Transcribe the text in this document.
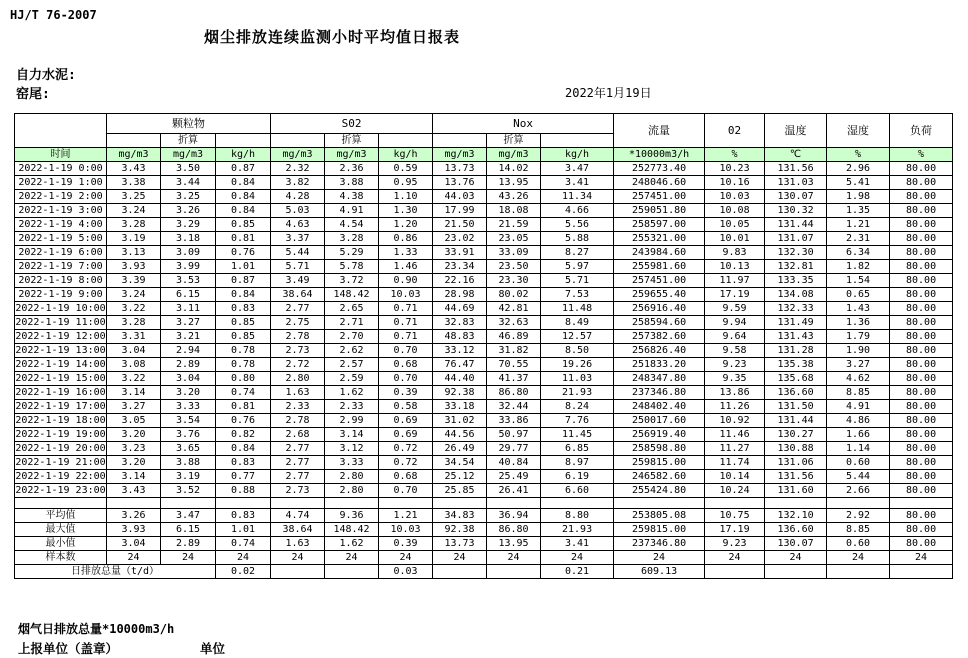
HJ/T 76-2007
烟尘排放连续监测小时平均值日报表
自力水泥:
窑尾:	2022年1月19日
	颗粒物			S02			Nox			流量	02	温度	湿度	负荷
		折算			折算			折算						
时间	mg/m3	mg/m3	kg/h	mg/m3	mg/m3	kg/h	mg/m3	mg/m3	kg/h	*10000m3/h	%	℃	%	%
2022-1-19 0:00	3.43	3.50	0.87	2.32	2.36	0.59	13.73	14.02	3.47	252773.40	10.23	131.56	2.96	80.00
2022-1-19 1:00	3.38	3.44	0.84	3.82	3.88	0.95	13.76	13.95	3.41	248046.60	10.16	131.03	5.41	80.00
2022-1-19 2:00	3.25	3.25	0.84	4.28	4.38	1.10	44.03	43.26	11.34	257451.00	10.03	130.07	1.98	80.00
2022-1-19 3:00	3.24	3.26	0.84	5.03	4.91	1.30	17.99	18.08	4.66	259051.80	10.08	130.32	1.35	80.00
2022-1-19 4:00	3.28	3.29	0.85	4.63	4.54	1.20	21.50	21.59	5.56	258597.00	10.05	131.44	1.21	80.00
2022-1-19 5:00	3.19	3.18	0.81	3.37	3.28	0.86	23.02	23.05	5.88	255321.00	10.01	131.07	2.31	80.00
2022-1-19 6:00	3.13	3.09	0.76	5.44	5.29	1.33	33.91	33.09	8.27	243984.60	9.83	132.30	6.34	80.00
2022-1-19 7:00	3.93	3.99	1.01	5.71	5.78	1.46	23.34	23.50	5.97	255981.60	10.13	132.81	1.82	80.00
2022-1-19 8:00	3.39	3.53	0.87	3.49	3.72	0.90	22.16	23.30	5.71	257451.00	11.97	133.35	1.54	80.00
2022-1-19 9:00	3.24	6.15	0.84	38.64	148.42	10.03	28.98	80.02	7.53	259655.40	17.19	134.08	0.65	80.00
2022-1-19 10:00	3.22	3.11	0.83	2.77	2.65	0.71	44.69	42.81	11.48	256916.40	9.59	132.33	1.43	80.00
2022-1-19 11:00	3.28	3.27	0.85	2.75	2.71	0.71	32.83	32.63	8.49	258594.60	9.94	131.49	1.36	80.00
2022-1-19 12:00	3.31	3.21	0.85	2.78	2.70	0.71	48.83	46.89	12.57	257382.60	9.64	131.43	1.79	80.00
2022-1-19 13:00	3.04	2.94	0.78	2.73	2.62	0.70	33.12	31.82	8.50	256826.40	9.58	131.28	1.90	80.00
2022-1-19 14:00	3.08	2.89	0.78	2.72	2.57	0.68	76.47	70.55	19.26	251833.20	9.23	135.38	3.27	80.00
2022-1-19 15:00	3.22	3.04	0.80	2.80	2.59	0.70	44.40	41.37	11.03	248347.80	9.35	135.68	4.62	80.00
2022-1-19 16:00	3.14	3.20	0.74	1.63	1.62	0.39	92.38	86.80	21.93	237346.80	13.86	136.60	8.85	80.00
2022-1-19 17:00	3.27	3.33	0.81	2.33	2.33	0.58	33.18	32.44	8.24	248402.40	11.26	131.50	4.91	80.00
2022-1-19 18:00	3.05	3.54	0.76	2.78	2.99	0.69	31.02	33.86	7.76	250017.60	10.92	131.44	4.86	80.00
2022-1-19 19:00	3.20	3.76	0.82	2.68	3.14	0.69	44.56	50.97	11.45	256919.40	11.46	130.27	1.66	80.00
2022-1-19 20:00	3.23	3.65	0.84	2.77	3.12	0.72	26.49	29.77	6.85	258598.80	11.27	130.88	1.14	80.00
2022-1-19 21:00	3.20	3.88	0.83	2.77	3.33	0.72	34.54	40.84	8.97	259815.00	11.74	131.06	0.60	80.00
2022-1-19 22:00	3.14	3.19	0.77	2.77	2.80	0.68	25.12	25.49	6.19	246582.60	10.14	131.56	5.44	80.00
2022-1-19 23:00	3.43	3.52	0.88	2.73	2.80	0.70	25.85	26.41	6.60	255424.80	10.24	131.60	2.66	80.00

平均值	3.26	3.47	0.83	4.74	9.36	1.21	34.83	36.94	8.80	253805.08	10.75	132.10	2.92	80.00
最大值	3.93	6.15	1.01	38.64	148.42	10.03	92.38	86.80	21.93	259815.00	17.19	136.60	8.85	80.00
最小值	3.04	2.89	0.74	1.63	1.62	0.39	13.73	13.95	3.41	237346.80	9.23	130.07	0.60	80.00
样本数	24	24	24	24	24	24	24	24	24	24	24	24	24	24
日排放总量（t/d）			0.02			0.03			0.21	609.13				
烟气日排放总量*10000m3/h
上报单位（盖章）	单位
